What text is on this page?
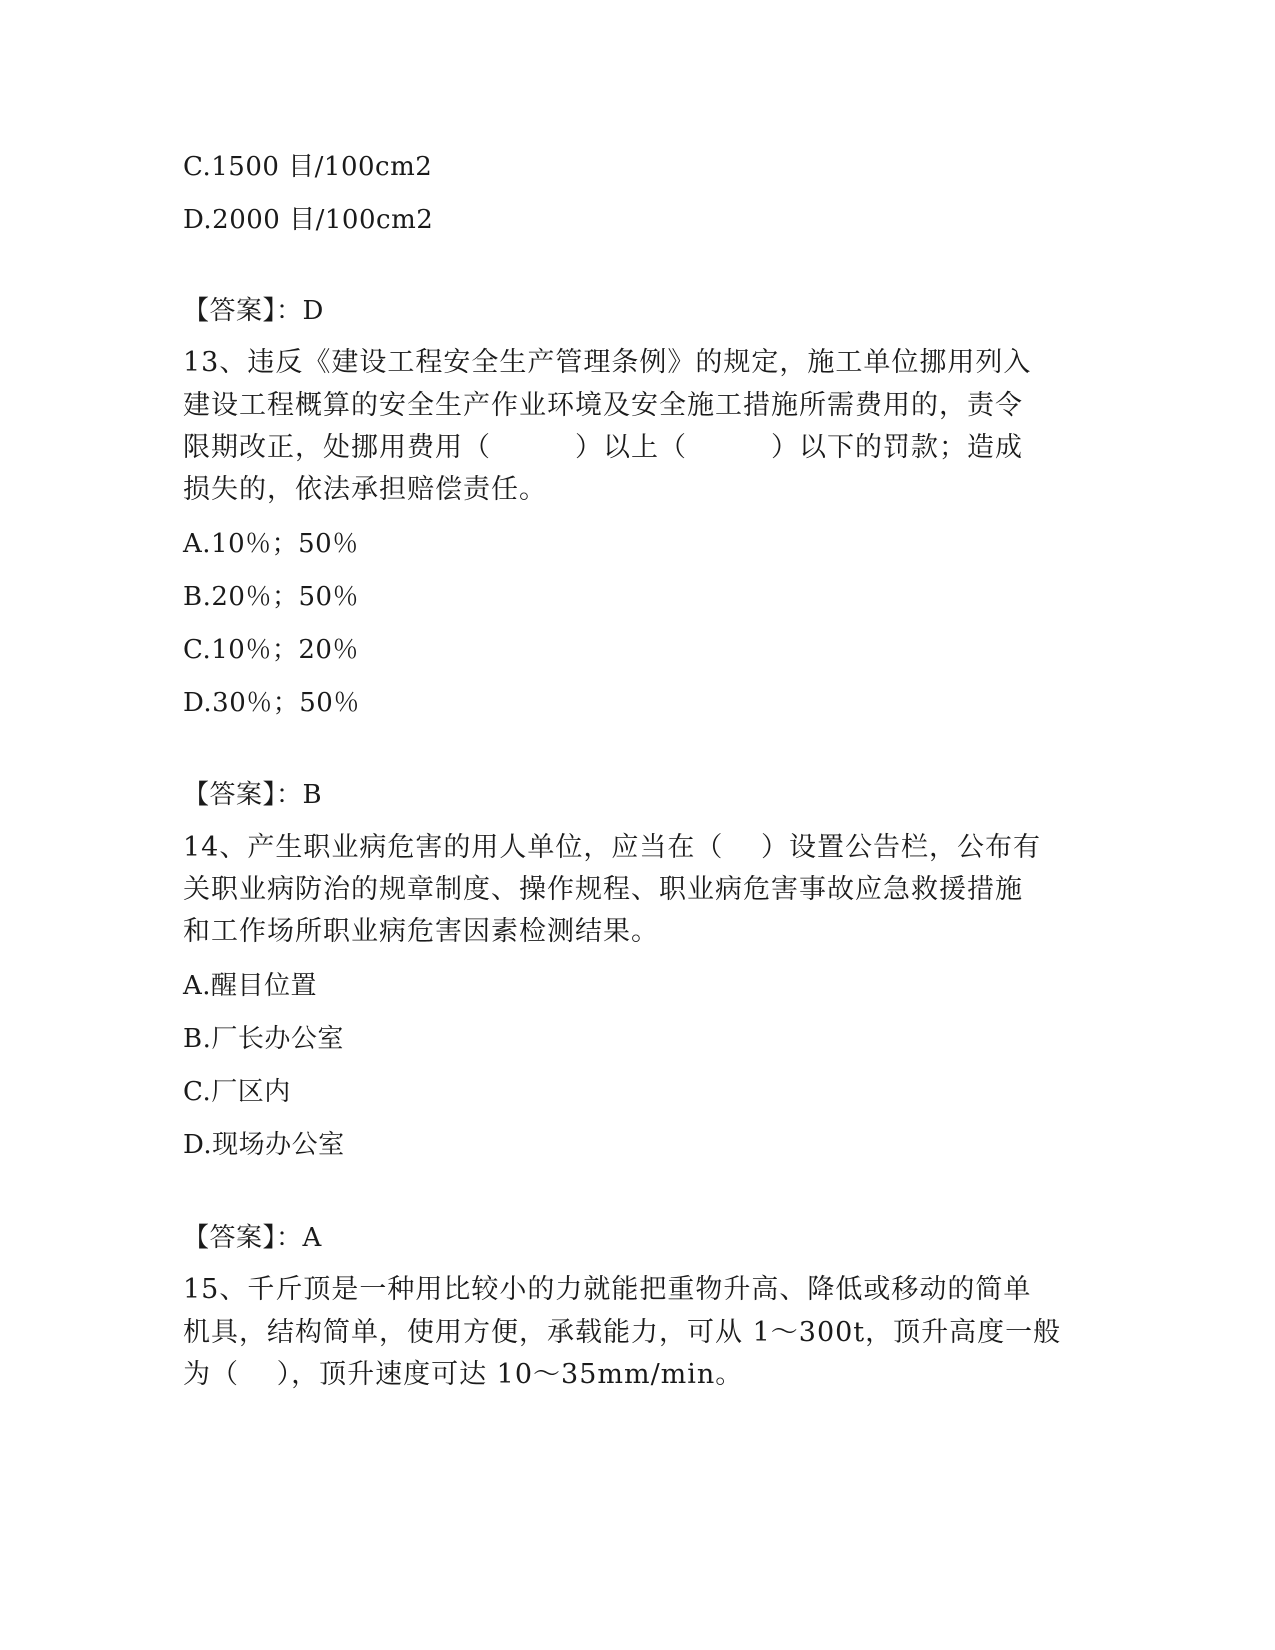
C.1500 目/100cm2
D.2000 目/100cm2
【答案】：D
13、违反《建设工程安全生产管理条例》的规定，施工单位挪用列入
建设工程概算的安全生产作业环境及安全施工措施所需费用的，责令
限期改正，处挪用费用（　　　）以上（　　　）以下的罚款；造成
损失的，依法承担赔偿责任。
A.10％；50％
B.20％；50％
C.10％；20％
D.30％；50％
【答案】：B
14、产生职业病危害的用人单位，应当在（　 ）设置公告栏，公布有
关职业病防治的规章制度、操作规程、职业病危害事故应急救援措施
和工作场所职业病危害因素检测结果。
A.醒目位置
B.厂长办公室
C.厂区内
D.现场办公室
【答案】：A
15、千斤顶是一种用比较小的力就能把重物升高、降低或移动的简单
机具，结构简单，使用方便，承载能力，可从 1～300t，顶升高度一般
为（　 ），顶升速度可达 10～35mm/min。
